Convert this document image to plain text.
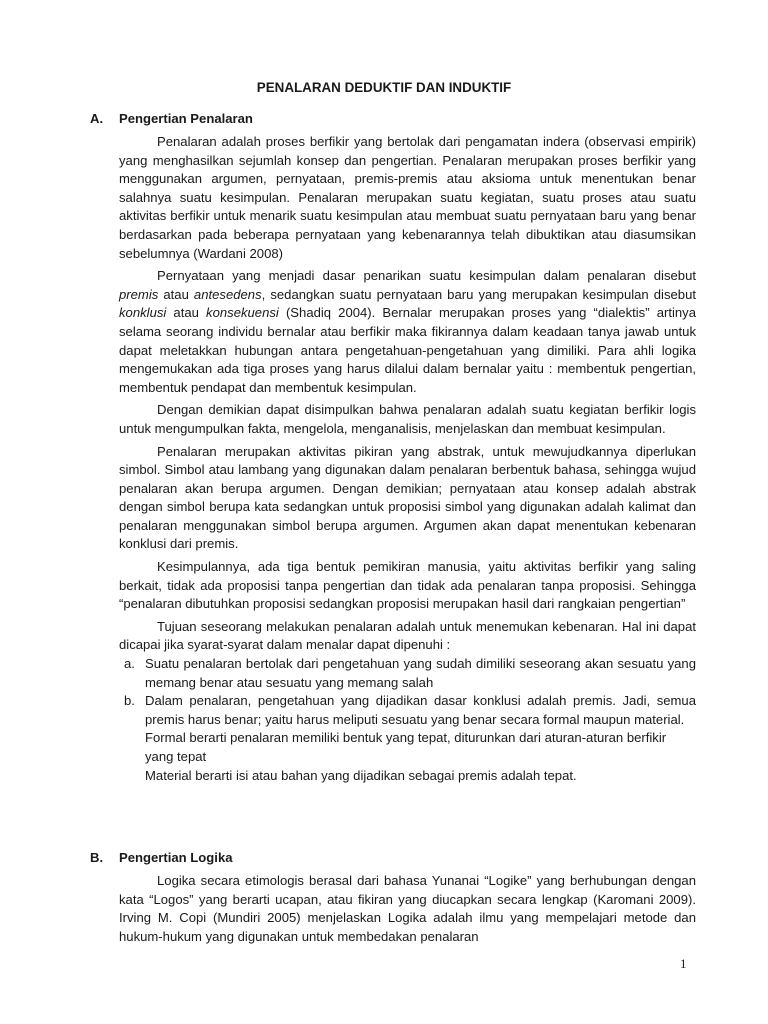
PENALARAN DEDUKTIF DAN INDUKTIF
A. Pengertian Penalaran

Penalaran adalah proses berfikir yang bertolak dari pengamatan indera (observasi empirik) yang menghasilkan sejumlah konsep dan pengertian. Penalaran merupakan proses berfikir yang menggunakan argumen, pernyataan, premis-premis atau aksioma untuk menentukan benar salahnya suatu kesimpulan. Penalaran merupakan suatu kegiatan, suatu proses atau suatu aktivitas berfikir untuk menarik suatu kesimpulan atau membuat suatu pernyataan baru yang benar berdasarkan pada beberapa pernyataan yang kebenarannya telah dibuktikan atau diasumsikan sebelumnya (Wardani 2008)

Pernyataan yang menjadi dasar penarikan suatu kesimpulan dalam penalaran disebut premis atau antesedens, sedangkan suatu pernyataan baru yang merupakan kesimpulan disebut konklusi atau konsekuensi (Shadiq 2004). Bernalar merupakan proses yang “dialektis” artinya selama seorang individu bernalar atau berfikir maka fikirannya dalam keadaan tanya jawab untuk dapat meletakkan hubungan antara pengetahuan-pengetahuan yang dimiliki. Para ahli logika mengemukakan ada tiga proses yang harus dilalui dalam bernalar yaitu : membentuk pengertian, membentuk pendapat dan membentuk kesimpulan.

Dengan demikian dapat disimpulkan bahwa penalaran adalah suatu kegiatan berfikir logis untuk mengumpulkan fakta, mengelola, menganalisis, menjelaskan dan membuat kesimpulan.

Penalaran merupakan aktivitas pikiran yang abstrak, untuk mewujudkannya diperlukan simbol. Simbol atau lambang yang digunakan dalam penalaran berbentuk bahasa, sehingga wujud penalaran akan berupa argumen. Dengan demikian; pernyataan atau konsep adalah abstrak dengan simbol berupa kata sedangkan untuk proposisi simbol yang digunakan adalah kalimat dan penalaran menggunakan simbol berupa argumen. Argumen akan dapat menentukan kebenaran konklusi dari premis.

Kesimpulannya, ada tiga bentuk pemikiran manusia, yaitu aktivitas berfikir yang saling berkait, tidak ada proposisi tanpa pengertian dan tidak ada penalaran tanpa proposisi. Sehingga “penalaran dibutuhkan proposisi sedangkan proposisi merupakan hasil dari rangkaian pengertian”

Tujuan seseorang melakukan penalaran adalah untuk menemukan kebenaran. Hal ini dapat dicapai jika syarat-syarat dalam menalar dapat dipenuhi :

a. Suatu penalaran bertolak dari pengetahuan yang sudah dimiliki seseorang akan sesuatu yang memang benar atau sesuatu yang memang salah
b. Dalam penalaran, pengetahuan yang dijadikan dasar konklusi adalah premis. Jadi, semua premis harus benar; yaitu harus meliputi sesuatu yang benar secara formal maupun material.

Formal berarti penalaran memiliki bentuk yang tepat, diturunkan dari aturan-aturan berfikir yang tepat

Material berarti isi atau bahan yang dijadikan sebagai premis adalah tepat.

B. Pengertian Logika

Logika secara etimologis berasal dari bahasa Yunanai “Logike” yang berhubungan dengan kata “Logos” yang berarti ucapan, atau fikiran yang diucapkan secara lengkap (Karomani 2009). Irving M. Copi (Mundiri 2005) menjelaskan Logika adalah ilmu yang mempelajari metode dan hukum-hukum yang digunakan untuk membedakan penalaran

1
